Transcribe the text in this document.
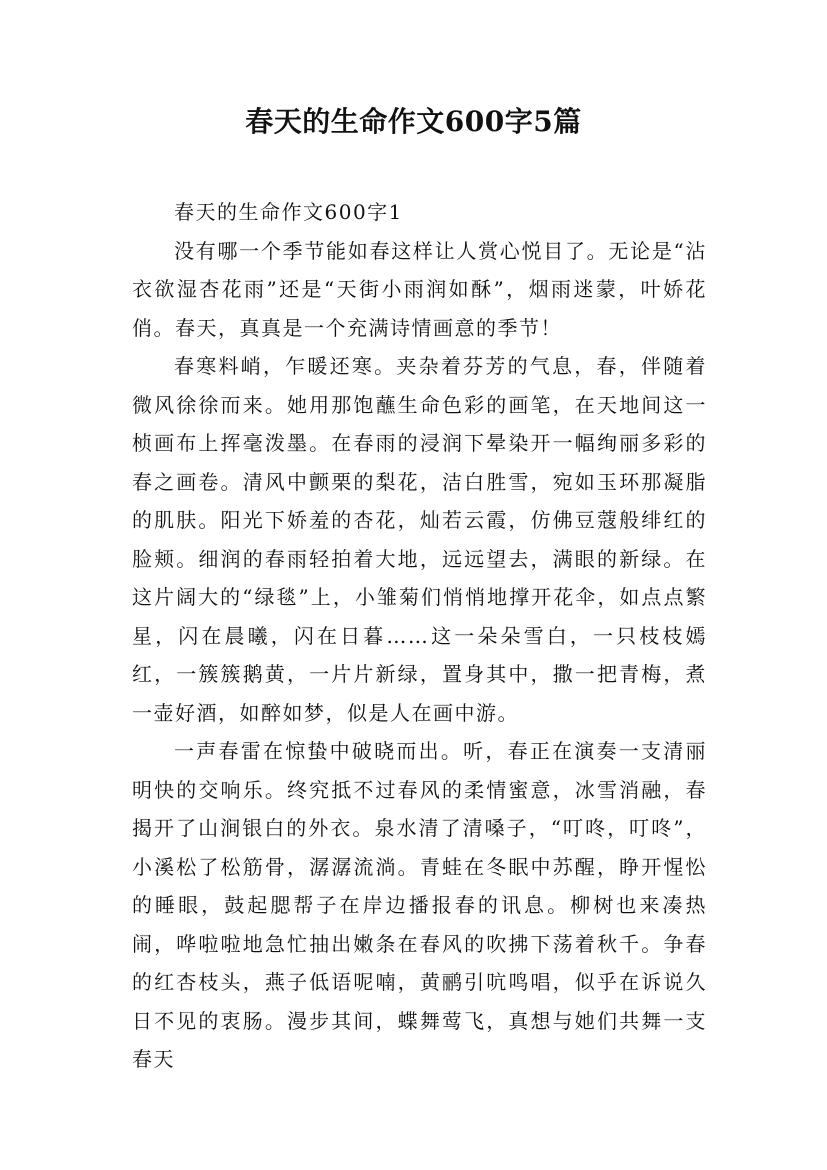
春天的生命作文600字5篇

春天的生命作文600字1

没有哪一个季节能如春这样让人赏心悦目了。无论是“沾衣欲湿杏花雨”还是“天街小雨润如酥”，烟雨迷蒙，叶娇花俏。春天，真真是一个充满诗情画意的季节！

春寒料峭，乍暖还寒。夹杂着芬芳的气息，春，伴随着微风徐徐而来。她用那饱蘸生命色彩的画笔，在天地间这一桢画布上挥毫泼墨。在春雨的浸润下晕染开一幅绚丽多彩的春之画卷。清风中颤栗的梨花，洁白胜雪，宛如玉环那凝脂的肌肤。阳光下娇羞的杏花，灿若云霞，仿佛豆蔻般绯红的脸颊。细润的春雨轻拍着大地，远远望去，满眼的新绿。在这片阔大的“绿毯”上，小雏菊们悄悄地撑开花伞，如点点繁星，闪在晨曦，闪在日暮……这一朵朵雪白，一只枝枝嫣红，一簇簇鹅黄，一片片新绿，置身其中，撒一把青梅，煮一壶好酒，如醉如梦，似是人在画中游。

一声春雷在惊蛰中破晓而出。听，春正在演奏一支清丽明快的交响乐。终究抵不过春风的柔情蜜意，冰雪消融，春揭开了山涧银白的外衣。泉水清了清嗓子，“叮咚，叮咚”，小溪松了松筋骨，潺潺流淌。青蛙在冬眠中苏醒，睁开惺忪的睡眼，鼓起腮帮子在岸边播报春的讯息。柳树也来凑热闹，哗啦啦地急忙抽出嫩条在春风的吹拂下荡着秋千。争春的红杏枝头，燕子低语呢喃，黄鹂引吭鸣唱，似乎在诉说久日不见的衷肠。漫步其间，蝶舞莺飞，真想与她们共舞一支春天
